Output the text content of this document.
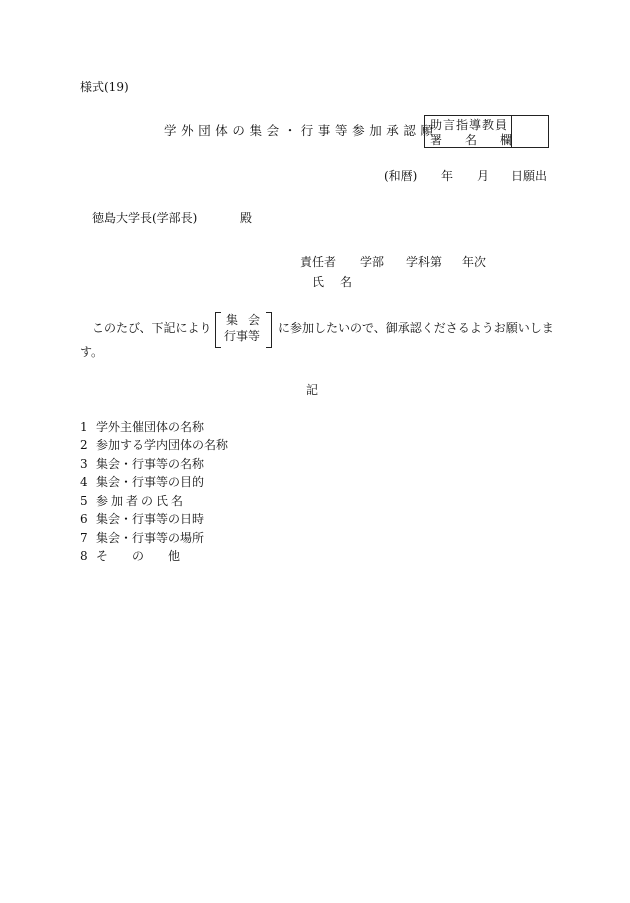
様式(19)
学外団体の集会・行事等参加承認願
助言指導教員
署 名 欄
(和暦) 年 月 日願出
徳島大学長(学部長)	殿
責任者 学部 学科第 年次
氏名
このたび、下記により
集会
行事等
に参加したいので、御承認くださるようお願いしま
す。
記
1 学外主催団体の名称
2 参加する学内団体の名称
3 集会・行事等の名称
4 集会・行事等の目的
5 参加者の氏名
6 集会・行事等の日時
7 集会・行事等の場所
8 そ　　の　　他
